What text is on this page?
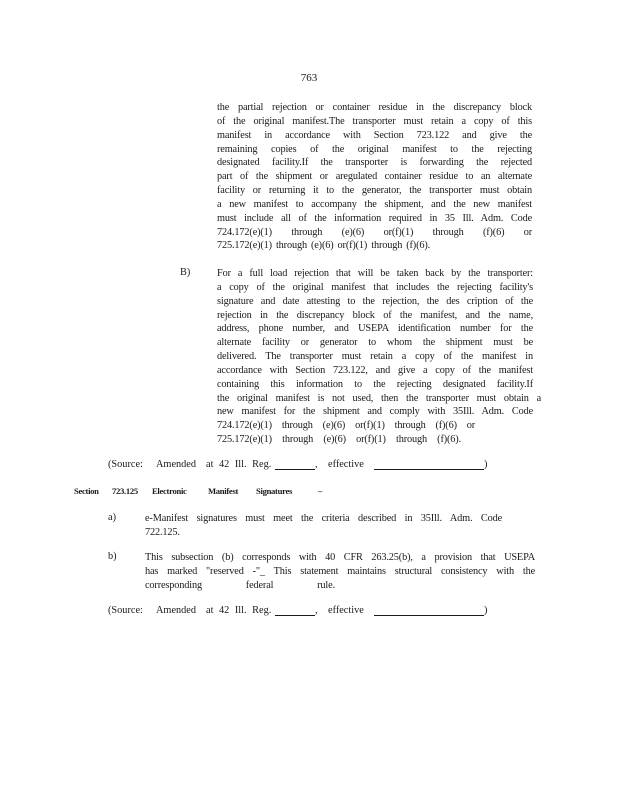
763
the partial rejection or container residue in the discrepancy block
of the original manifest.The transporter must retain a copy of this
manifest in accordance with Section 723.122 and give the
remaining copies of the original manifest to the rejecting
designated facility.If the transporter is forwarding the rejected
part of the shipment or aregulated container residue to an alternate
facility or returning it to the generator, the transporter must obtain
a new manifest to accompany the shipment, and the new manifest
must include all of the information required in 35 Ill. Adm. Code
724.172(e)(1) through (e)(6) or(f)(1) through (f)(6) or
725.172(e)(1) through (e)(6) or(f)(1) through (f)(6).
B)	For a full load rejection that will be taken back by the transporter:
a copy of the original manifest that includes the rejecting facility's
signature and date attesting to the rejection, the des cription of the
rejection in the discrepancy block of the manifest, and the name,
address, phone number, and USEPA identification number for the
alternate facility or generator to whom the shipment must be
delivered. The transporter must retain a copy of the manifest in
accordance with Section 723.122, and give a copy of the manifest
containing this information to the rejecting designated facility.If
the original manifest is not used, then the transporter must obtain a
new manifest for the shipment and comply with 35Ill. Adm. Code
724.172(e)(1) through (e)(6) or(f)(1) through (f)(6) or
725.172(e)(1) through (e)(6) or(f)(1) through (f)(6).
(Source: Amended at 42 Ill. Reg.	, effective	)
Section 723.125 Electronic Manifest Signatures	–
a)	e-Manifest signatures must meet the criteria described in 35Ill. Adm. Code
722.125.
b)	This subsection (b) corresponds with 40 CFR 263.25(b), a provision that USEPA
has marked "reserved -"_ This statement maintains structural consistency with the
corresponding federal rule.
(Source: Amended at 42 Ill. Reg.	, effective	)
